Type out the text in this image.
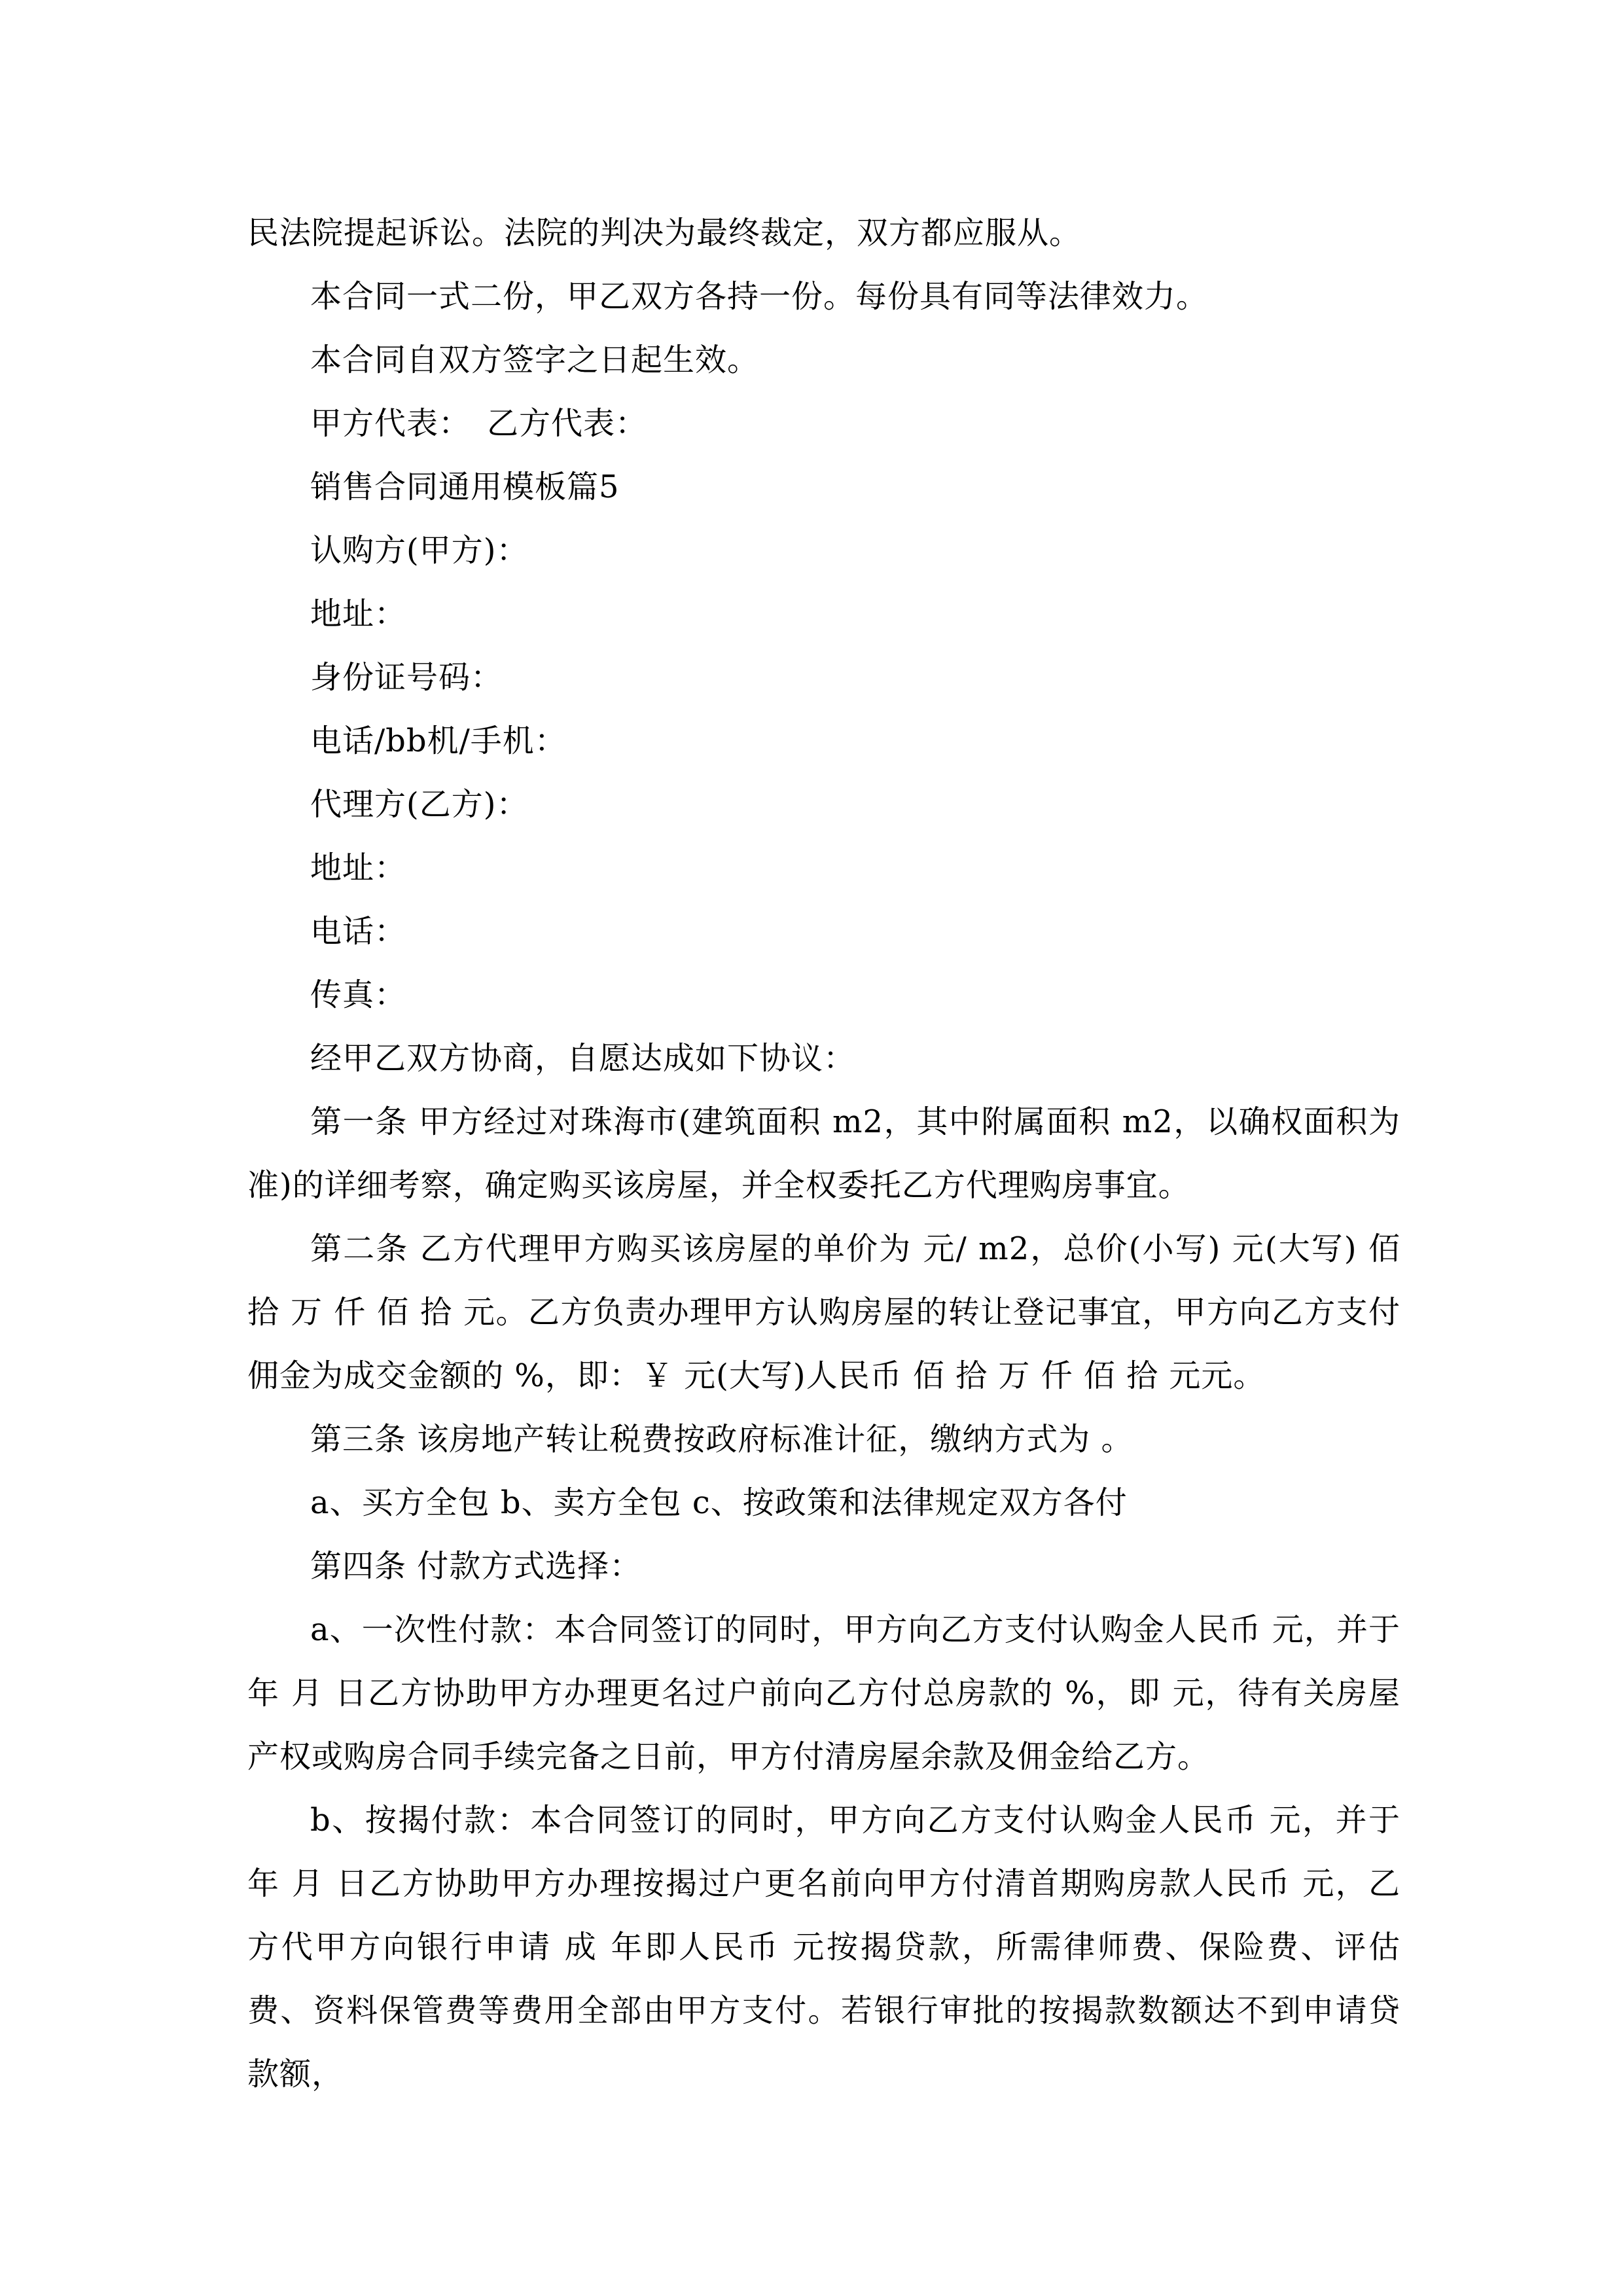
民法院提起诉讼。法院的判决为最终裁定，双方都应服从。

本合同一式二份，甲乙双方各持一份。每份具有同等法律效力。

本合同自双方签字之日起生效。

甲方代表：　乙方代表：

销售合同通用模板篇5

认购方(甲方)：

地址：

身份证号码：

电话/bb机/手机：

代理方(乙方)：

地址：

电话：

传真：

经甲乙双方协商，自愿达成如下协议：

第一条 甲方经过对珠海市(建筑面积 m2，其中附属面积 m2，以确权面积为准)的详细考察，确定购买该房屋，并全权委托乙方代理购房事宜。

第二条 乙方代理甲方购买该房屋的单价为 元/ m2，总价(小写) 元(大写) 佰 拾 万 仟 佰 拾 元。乙方负责办理甲方认购房屋的转让登记事宜，甲方向乙方支付佣金为成交金额的 %，即：￥ 元(大写)人民币 佰 拾 万 仟 佰 拾 元元。

第三条 该房地产转让税费按政府标准计征，缴纳方式为 。

a、买方全包 b、卖方全包 c、按政策和法律规定双方各付

第四条 付款方式选择：

a、一次性付款：本合同签订的同时，甲方向乙方支付认购金人民币 元，并于 年 月 日乙方协助甲方办理更名过户前向乙方付总房款的 %，即 元，待有关房屋产权或购房合同手续完备之日前，甲方付清房屋余款及佣金给乙方。

b、按揭付款：本合同签订的同时，甲方向乙方支付认购金人民币 元，并于 年 月 日乙方协助甲方办理按揭过户更名前向甲方付清首期购房款人民币 元，乙方代甲方向银行申请 成 年即人民币 元按揭贷款，所需律师费、保险费、评估费、资料保管费等费用全部由甲方支付。若银行审批的按揭款数额达不到申请贷款额，
